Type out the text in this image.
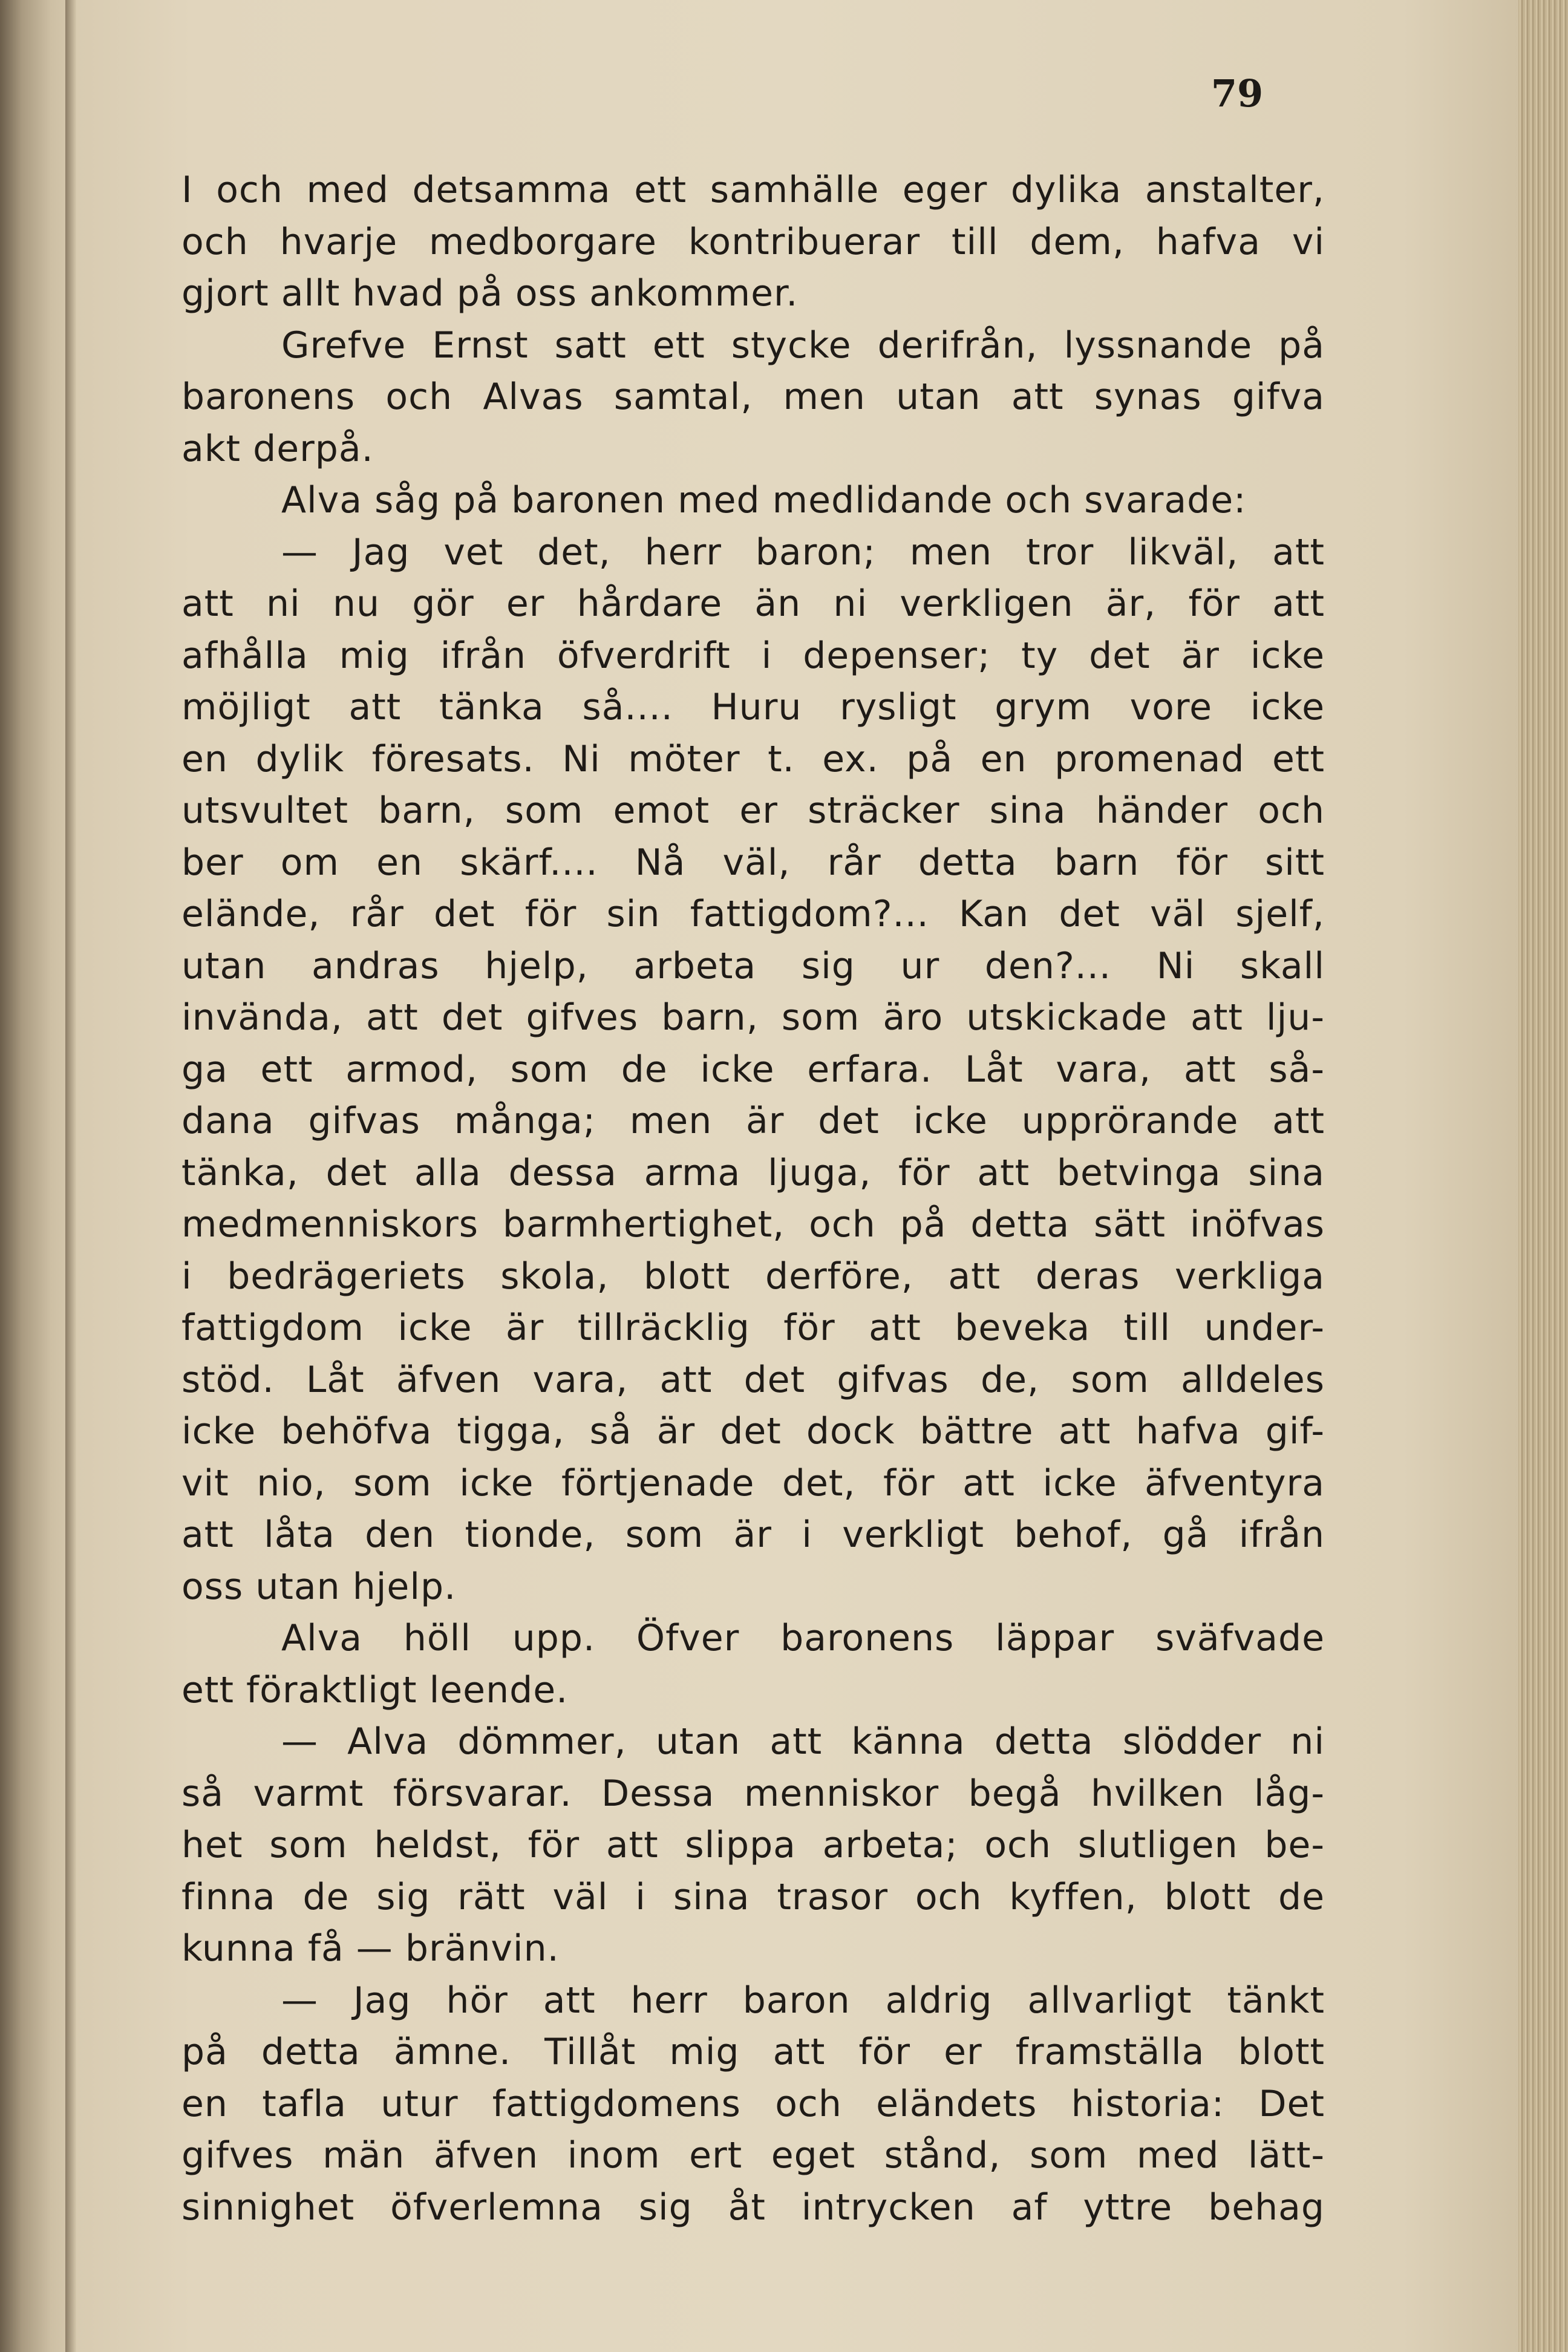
79
I och med detsamma ett samhälle eger dylika anstalter,
och hvarje medborgare kontribuerar till dem, hafva vi
gjort allt hvad på oss ankommer.
Grefve Ernst satt ett stycke derifrån, lyssnande på
baronens och Alvas samtal, men utan att synas gifva
akt derpå.
Alva såg på baronen med medlidande och svarade:
— Jag vet det, herr baron; men tror likväl, att
att ni nu gör er hårdare än ni verkligen är, för att
afhålla mig ifrån öfverdrift i depenser; ty det är icke
möjligt att tänka så.... Huru rysligt grym vore icke
en dylik föresats. Ni möter t. ex. på en promenad ett
utsvultet barn, som emot er sträcker sina händer och
ber om en skärf.... Nå väl, rår detta barn för sitt
elände, rår det för sin fattigdom?... Kan det väl sjelf,
utan andras hjelp, arbeta sig ur den?... Ni skall
invända, att det gifves barn, som äro utskickade att lju-
ga ett armod, som de icke erfara. Låt vara, att så-
dana gifvas många; men är det icke upprörande att
tänka, det alla dessa arma ljuga, för att betvinga sina
medmenniskors barmhertighet, och på detta sätt inöfvas
i bedrägeriets skola, blott derföre, att deras verkliga
fattigdom icke är tillräcklig för att beveka till under-
stöd. Låt äfven vara, att det gifvas de, som alldeles
icke behöfva tigga, så är det dock bättre att hafva gif-
vit nio, som icke förtjenade det, för att icke äfventyra
att låta den tionde, som är i verkligt behof, gå ifrån
oss utan hjelp.
Alva höll upp. Öfver baronens läppar sväfvade
ett föraktligt leende.
— Alva dömmer, utan att känna detta slödder ni
så varmt försvarar. Dessa menniskor begå hvilken låg-
het som heldst, för att slippa arbeta; och slutligen be-
finna de sig rätt väl i sina trasor och kyffen, blott de
kunna få — bränvin.
— Jag hör att herr baron aldrig allvarligt tänkt
på detta ämne. Tillåt mig att för er framställa blott
en tafla utur fattigdomens och eländets historia: Det
gifves män äfven inom ert eget stånd, som med lätt-
sinnighet öfverlemna sig åt intrycken af yttre behag
